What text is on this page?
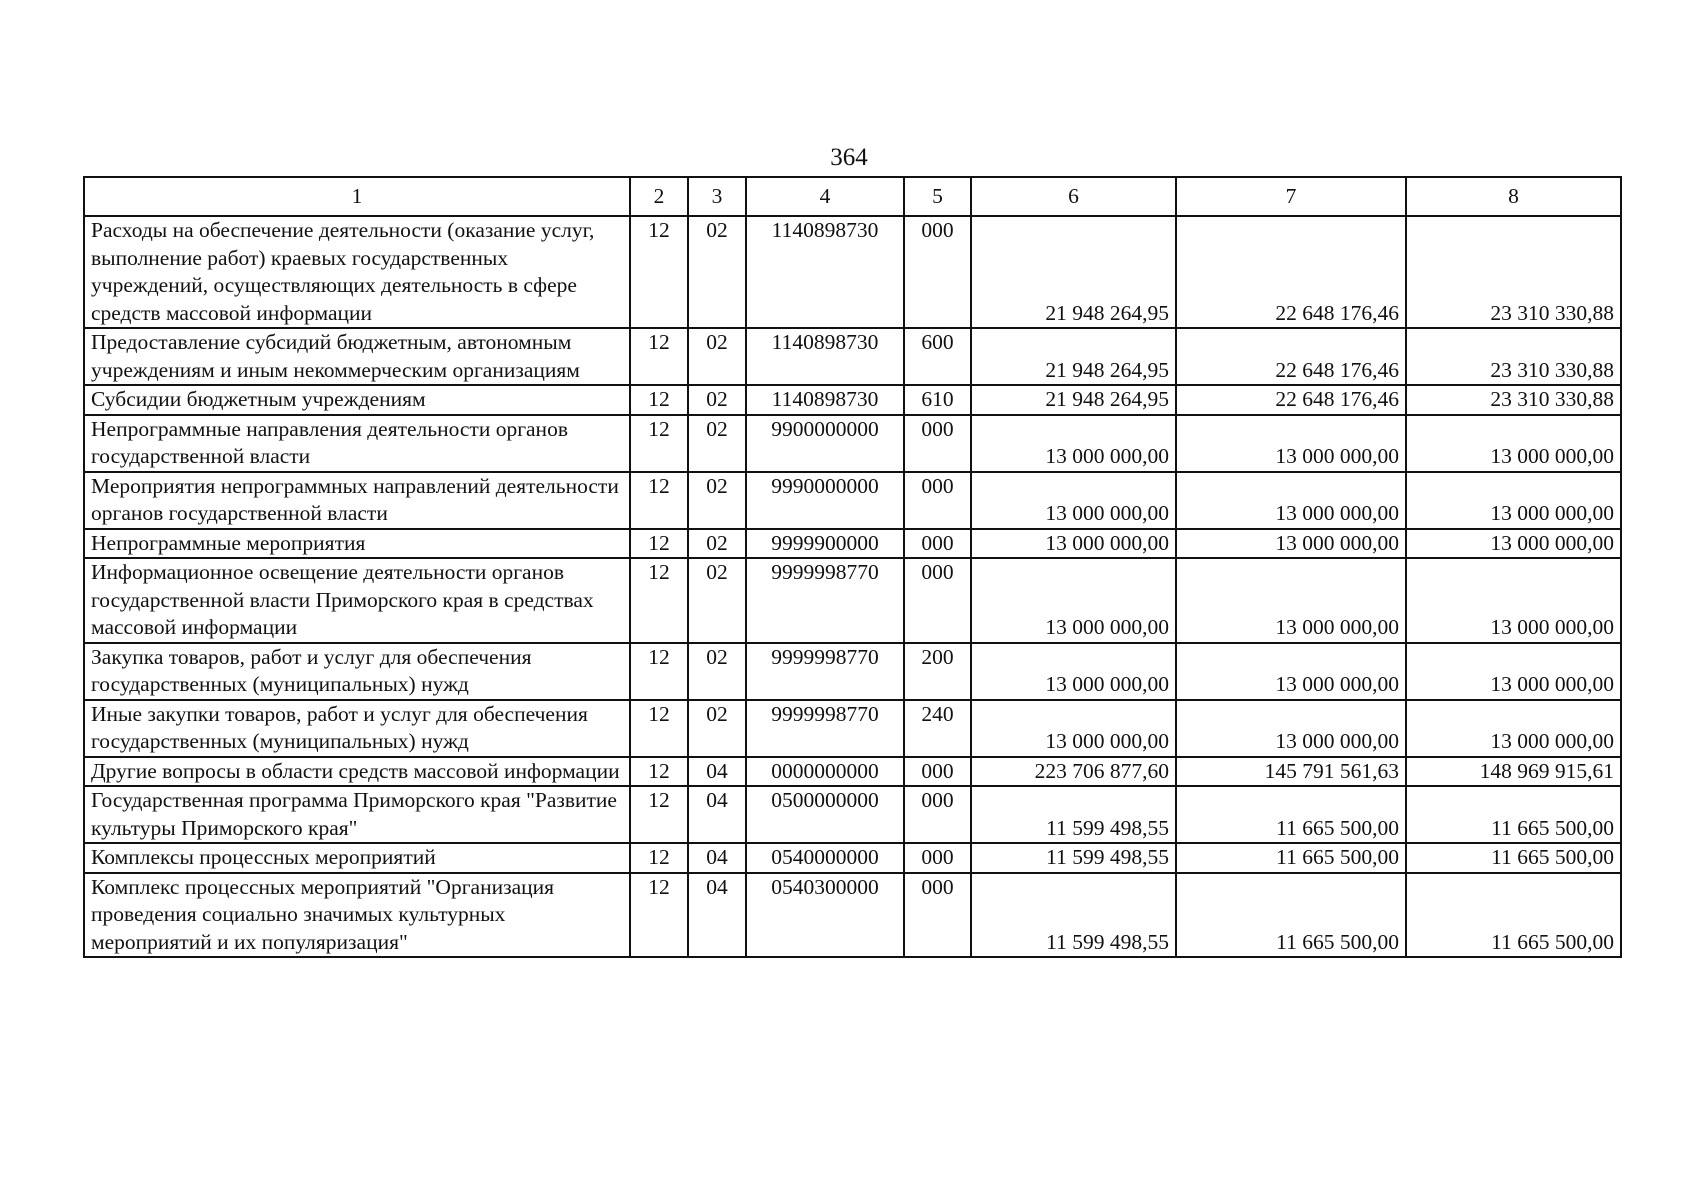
364
1	2	3	4	5	6	7	8
Расходы на обеспечение деятельности (оказание услуг, выполнение работ) краевых государственных учреждений, осуществляющих деятельность в сфере средств массовой информации	12	02	1140898730	000	21 948 264,95	22 648 176,46	23 310 330,88
Предоставление субсидий бюджетным, автономным учреждениям и иным некоммерческим организациям	12	02	1140898730	600	21 948 264,95	22 648 176,46	23 310 330,88
Субсидии бюджетным учреждениям	12	02	1140898730	610	21 948 264,95	22 648 176,46	23 310 330,88
Непрограммные направления деятельности органов государственной власти	12	02	9900000000	000	13 000 000,00	13 000 000,00	13 000 000,00
Мероприятия непрограммных направлений деятельности органов государственной власти	12	02	9990000000	000	13 000 000,00	13 000 000,00	13 000 000,00
Непрограммные мероприятия	12	02	9999900000	000	13 000 000,00	13 000 000,00	13 000 000,00
Информационное освещение деятельности органов государственной власти Приморского края в средствах массовой информации	12	02	9999998770	000	13 000 000,00	13 000 000,00	13 000 000,00
Закупка товаров, работ и услуг для обеспечения государственных (муниципальных) нужд	12	02	9999998770	200	13 000 000,00	13 000 000,00	13 000 000,00
Иные закупки товаров, работ и услуг для обеспечения государственных (муниципальных) нужд	12	02	9999998770	240	13 000 000,00	13 000 000,00	13 000 000,00
Другие вопросы в области средств массовой информации	12	04	0000000000	000	223 706 877,60	145 791 561,63	148 969 915,61
Государственная программа Приморского края "Развитие культуры Приморского края"	12	04	0500000000	000	11 599 498,55	11 665 500,00	11 665 500,00
Комплексы процессных мероприятий	12	04	0540000000	000	11 599 498,55	11 665 500,00	11 665 500,00
Комплекс процессных мероприятий "Организация проведения социально значимых культурных мероприятий и их популяризация"	12	04	0540300000	000	11 599 498,55	11 665 500,00	11 665 500,00
